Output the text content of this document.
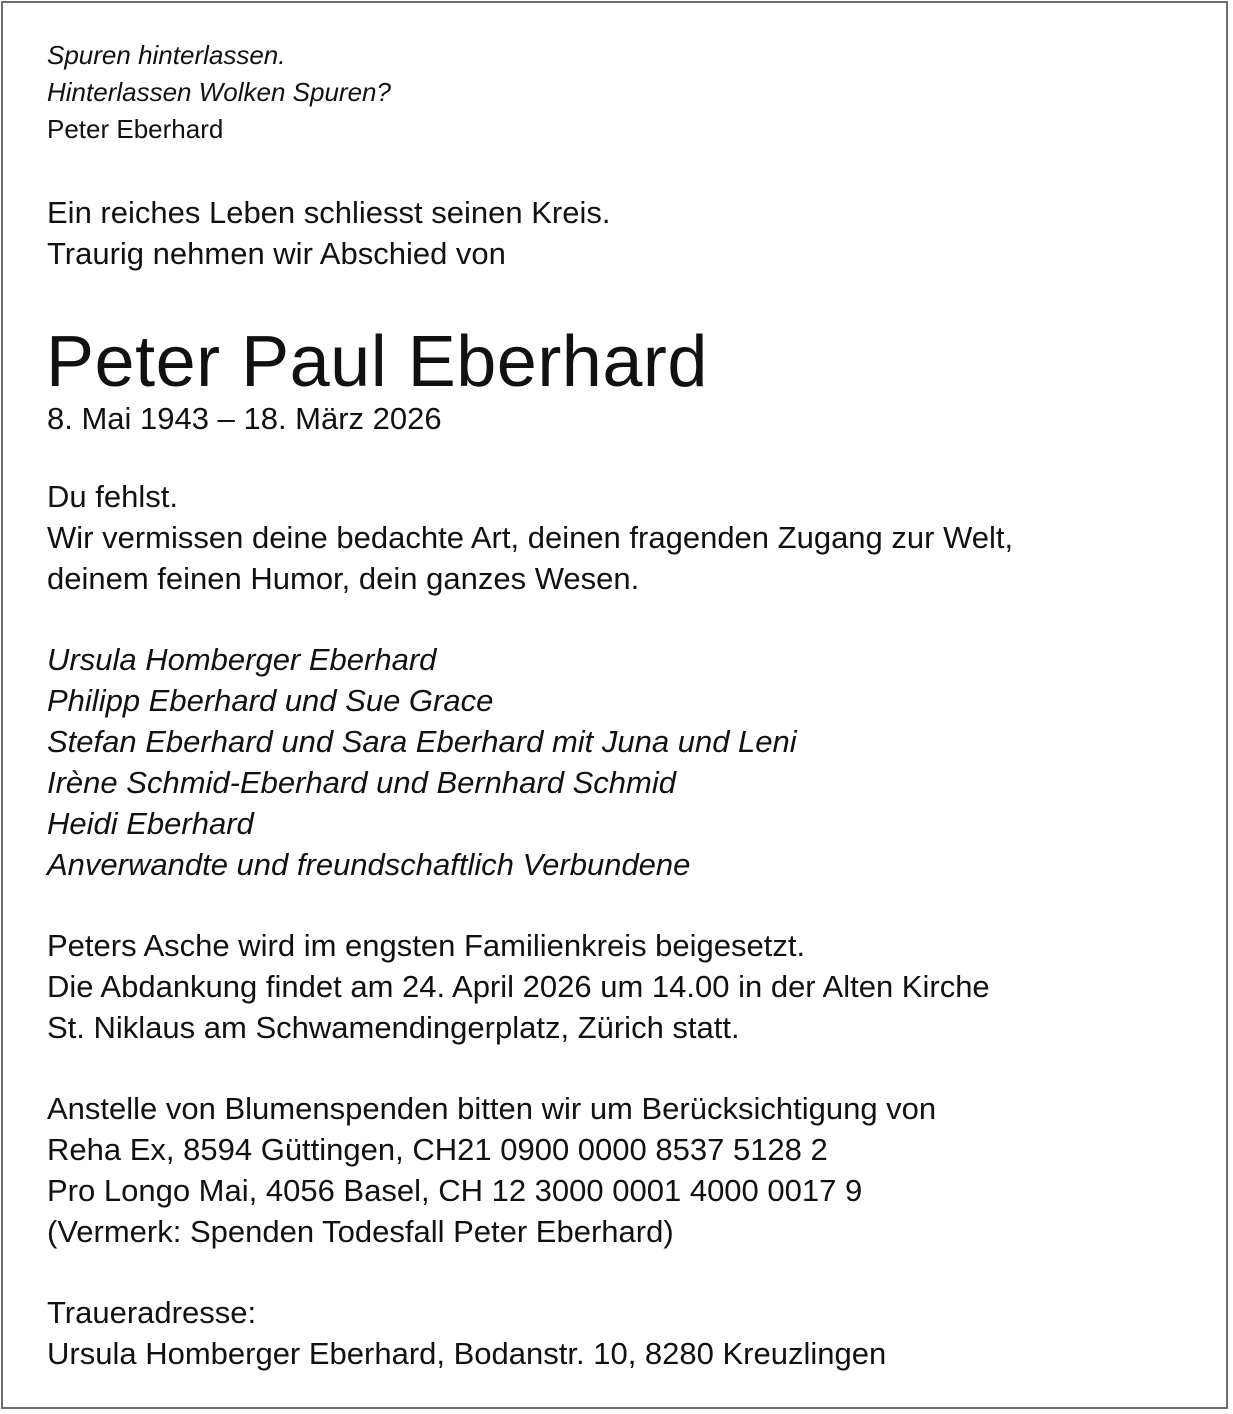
Spuren hinterlassen.
Hinterlassen Wolken Spuren?
Peter Eberhard
Ein reiches Leben schliesst seinen Kreis.
Traurig nehmen wir Abschied von
Peter Paul Eberhard
8. Mai 1943 – 18. März 2026
Du fehlst.
Wir vermissen deine bedachte Art, deinen fragenden Zugang zur Welt,
deinem feinen Humor, dein ganzes Wesen.
Ursula Homberger Eberhard
Philipp Eberhard und Sue Grace
Stefan Eberhard und Sara Eberhard mit Juna und Leni
Irène Schmid-Eberhard und Bernhard Schmid
Heidi Eberhard
Anverwandte und freundschaftlich Verbundene
Peters Asche wird im engsten Familienkreis beigesetzt.
Die Abdankung findet am 24. April 2026 um 14.00 in der Alten Kirche
St. Niklaus am Schwamendingerplatz, Zürich statt.
Anstelle von Blumenspenden bitten wir um Berücksichtigung von
Reha Ex, 8594 Güttingen, CH21 0900 0000 8537 5128 2
Pro Longo Mai, 4056 Basel, CH 12 3000 0001 4000 0017 9
(Vermerk: Spenden Todesfall Peter Eberhard)
Traueradresse:
Ursula Homberger Eberhard, Bodanstr. 10, 8280 Kreuzlingen
